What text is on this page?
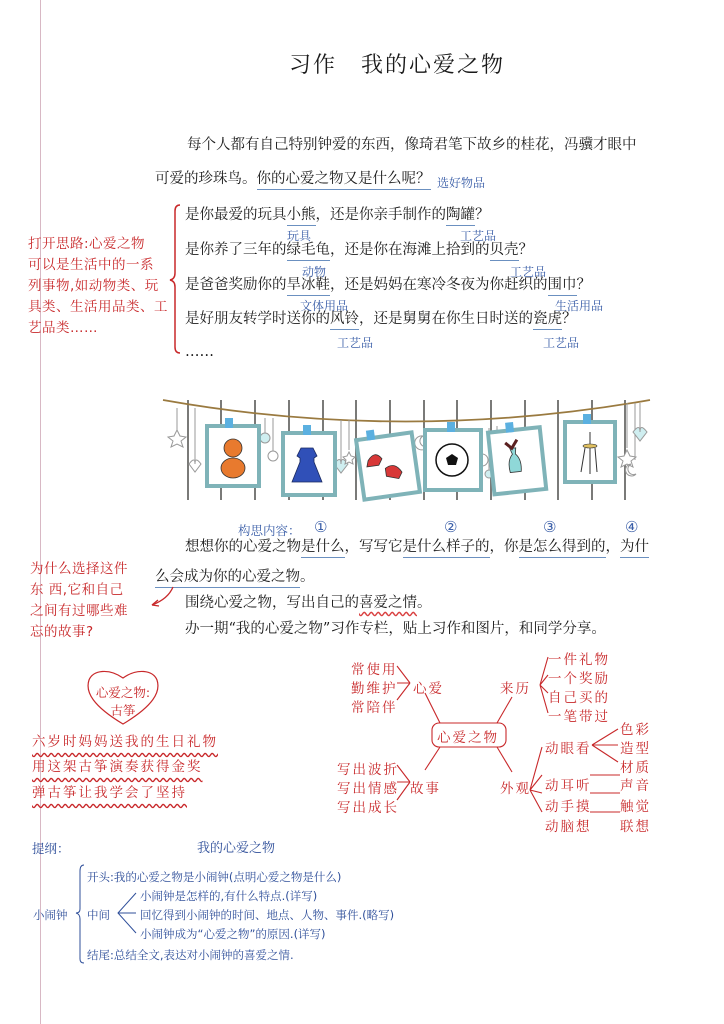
习作 我的心爱之物
每个人都有自己特别钟爱的东西，像琦君笔下故乡的桂花，冯骥才眼中
可爱的珍珠鸟。你的心爱之物又是什么呢？ 选好物品
打开思路:心爱之物
可以是生活中的一系
列事物,如动物类、玩
具类、生活用品类、工
艺品类……
是你最爱的玩具小熊，还是你亲手制作的陶罐？
玩具	工艺品
是你养了三年的绿毛龟，还是你在海滩上拾到的贝壳？
动物	工艺品
是爸爸奖励你的旱冰鞋，还是妈妈在寒冷冬夜为你赶织的围巾？
文体用品	生活用品
是好朋友转学时送你的风铃，还是舅舅在你生日时送的瓷虎？
工艺品	工艺品
……
构思内容： ①	②	③	④
想想你的心爱之物是什么，写写它是什么样子的，你是怎么得到的，为什
么会成为你的心爱之物。
围绕心爱之物，写出自己的喜爱之情。
办一期“我的心爱之物”习作专栏，贴上习作和图片，和同学分享。
为什么选择这件
东 西,它和自己
之间有过哪些难
忘的故事?
心爱之物:
古筝
六岁时妈妈送我的生日礼物
用这架古筝演奏获得金奖
弹古筝让我学会了坚持
心爱之物
常使用
勤维护
常陪伴
心爱	来历
一件礼物
一个奖励
自己买的
一笔带过
写出波折
写出情感
写出成长
故事	外观
动眼看
动耳听
动手摸
动脑想
色彩
造型
材质
声音
触觉
联想
提纲：	我的心爱之物
小闹钟
开头:我的心爱之物是小闹钟(点明心爱之物是什么)
中间
小闹钟是怎样的,有什么特点.(详写)
回忆得到小闹钟的时间、地点、人物、事件.(略写)
小闹钟成为“心爱之物”的原因.(详写)
结尾:总结全文,表达对小闹钟的喜爱之情.
